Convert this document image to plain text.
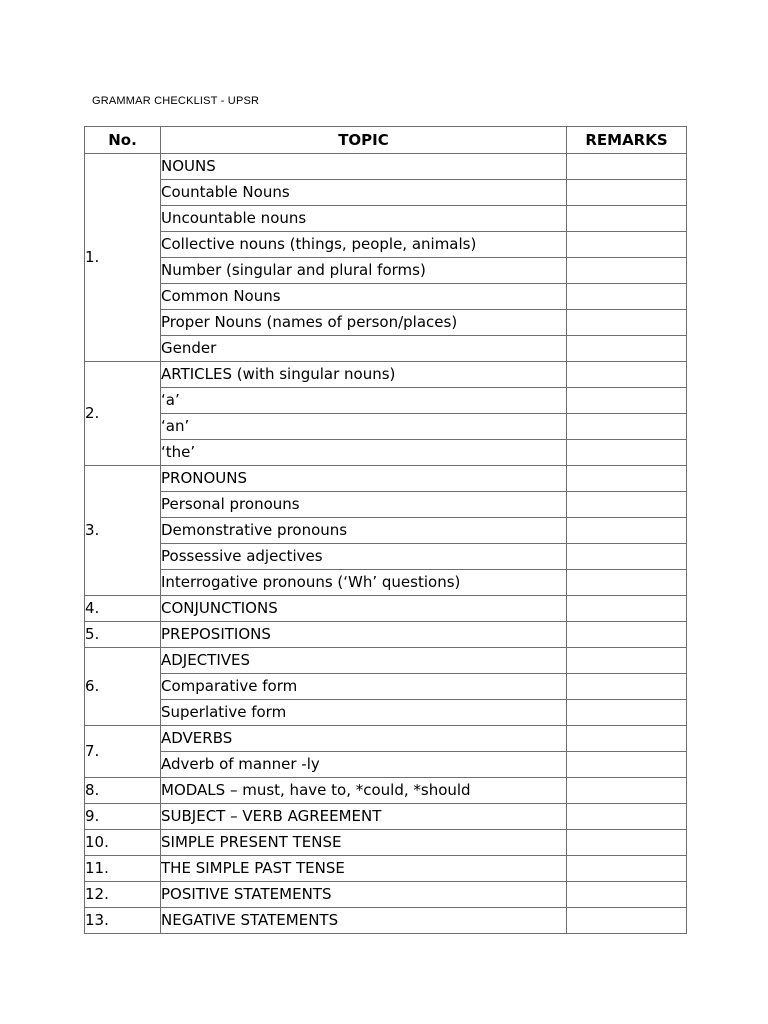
GRAMMAR CHECKLIST - UPSR
No.	TOPIC	REMARKS
1.	NOUNS	
	Countable Nouns	
	Uncountable nouns	
	Collective nouns (things, people, animals)	
	Number (singular and plural forms)	
	Common Nouns	
	Proper Nouns (names of person/places)	
	Gender	
2.	ARTICLES (with singular nouns)	
	‘a’	
	‘an’	
	‘the’	
3.	PRONOUNS	
	Personal pronouns	
	Demonstrative pronouns	
	Possessive adjectives	
	Interrogative pronouns (‘Wh’ questions)	
4.	CONJUNCTIONS	
5.	PREPOSITIONS	
6.	ADJECTIVES	
	Comparative form	
	Superlative form	
7.	ADVERBS	
	Adverb of manner -ly	
8.	MODALS – must, have to, *could, *should	
9.	SUBJECT – VERB AGREEMENT	
10.	SIMPLE PRESENT TENSE	
11.	THE SIMPLE PAST TENSE	
12.	POSITIVE STATEMENTS	
13.	NEGATIVE STATEMENTS	
